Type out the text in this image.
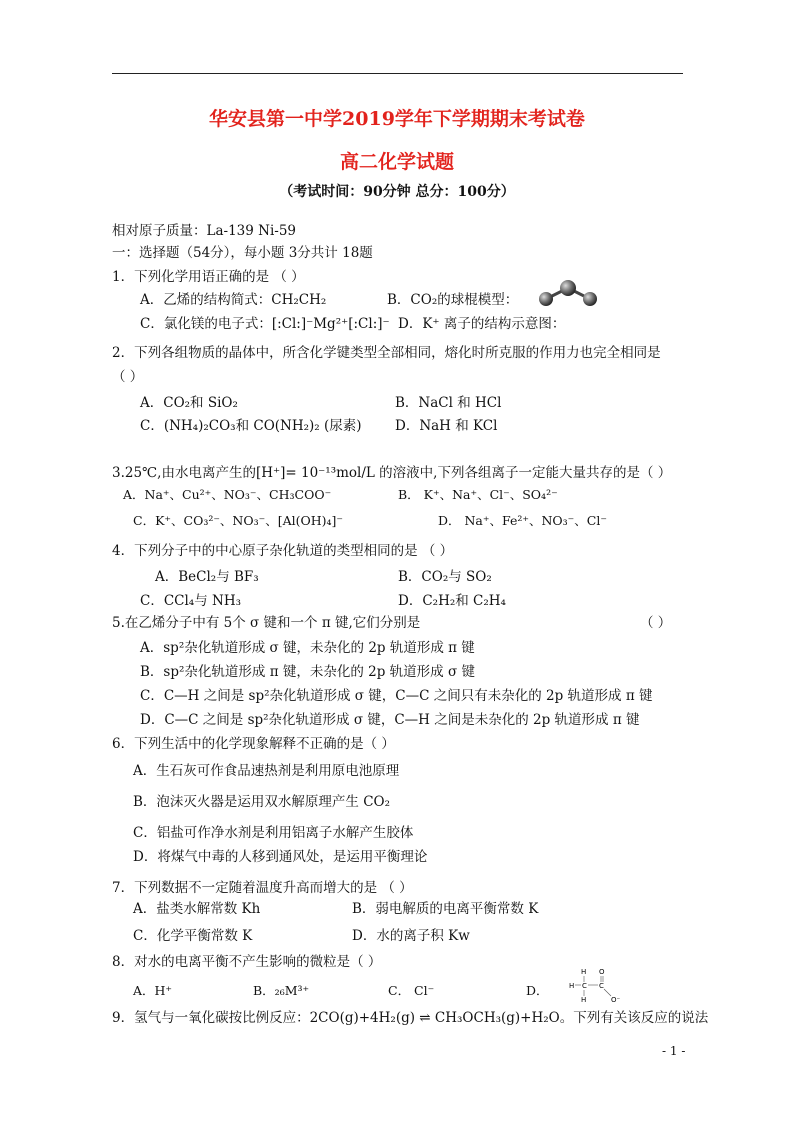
华安县第一中学2019学年下学期期末考试卷
高二化学试题
（考试时间：90分钟 总分：100分）
相对原子质量：La-139 Ni-59
一：选择题（54分），每小题 3分共计 18题
1．下列化学用语正确的是 （ ）
A．乙烯的结构简式：CH₂CH₂	B．CO₂的球棍模型：
C．氯化镁的电子式：[:Cl:]⁻Mg²⁺[:Cl:]⁻ D．K⁺ 离子的结构示意图：
2．下列各组物质的晶体中，所含化学键类型全部相同，熔化时所克服的作用力也完全相同是
（ ）
A．CO₂和 SiO₂	B．NaCl 和 HCl
C．(NH₄)₂CO₃和 CO(NH₂)₂ (尿素) D．NaH 和 KCl
3.25℃,由水电离产生的[H⁺]= 10⁻¹³mol/L 的溶液中,下列各组离子一定能大量共存的是（ ）
A．Na⁺、Cu²⁺、NO₃⁻、CH₃COO⁻	B． K⁺、Na⁺、Cl⁻、SO₄²⁻
C．K⁺、CO₃²⁻、NO₃⁻、[Al(OH)₄]⁻	D． Na⁺、Fe²⁺、NO₃⁻、Cl⁻
4．下列分子中的中心原子杂化轨道的类型相同的是 （ ）
A．BeCl₂与 BF₃	B．CO₂与 SO₂
C．CCl₄与 NH₃	D．C₂H₂和 C₂H₄
5.在乙烯分子中有 5个 σ 键和一个 π 键,它们分别是	（ ）
A．sp²杂化轨道形成 σ 键，未杂化的 2p 轨道形成 π 键
B．sp²杂化轨道形成 π 键，未杂化的 2p 轨道形成 σ 键
C．C—H 之间是 sp²杂化轨道形成 σ 键，C—C 之间只有未杂化的 2p 轨道形成 π 键
D．C—C 之间是 sp²杂化轨道形成 σ 键，C—H 之间是未杂化的 2p 轨道形成 π 键
6．下列生活中的化学现象解释不正确的是（ ）
A．生石灰可作食品速热剂是利用原电池原理
B．泡沫灭火器是运用双水解原理产生 CO₂
C．铝盐可作净水剂是利用铝离子水解产生胶体
D．将煤气中毒的人移到通风处，是运用平衡理论
7．下列数据不一定随着温度升高而增大的是 （ ）
A．盐类水解常数 Kh	B．弱电解质的电离平衡常数 K
C．化学平衡常数 K	D．水的离子积 Kw
8．对水的电离平衡不产生影响的微粒是（ ）
A．H⁺	B．₂₆M³⁺	C． Cl⁻	D．
H O
H C C
H	O⁻
9．氢气与一氧化碳按比例反应：2CO(g)+4H₂(g) ⇌ CH₃OCH₃(g)+H₂O。下列有关该反应的说法
- 1 -
